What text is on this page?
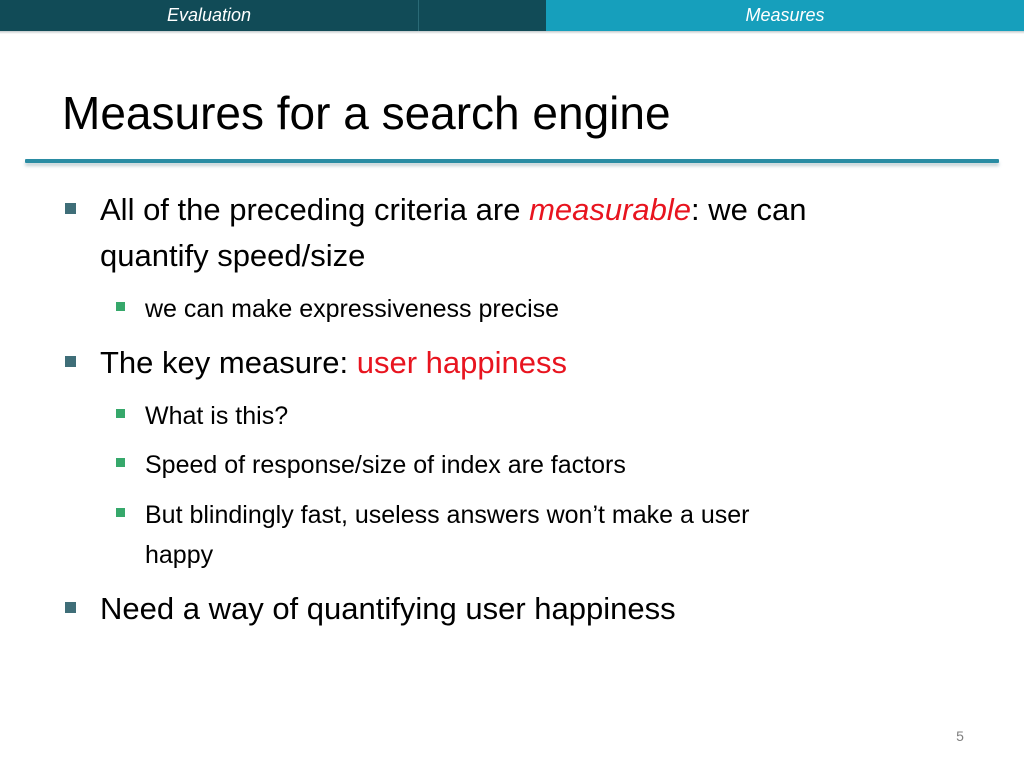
Evaluation	Measures
Measures for a search engine
All of the preceding criteria are measurable: we can
quantify speed/size
we can make expressiveness precise
The key measure: user happiness
What is this?
Speed of response/size of index are factors
But blindingly fast, useless answers won’t make a user
happy
Need a way of quantifying user happiness
5
